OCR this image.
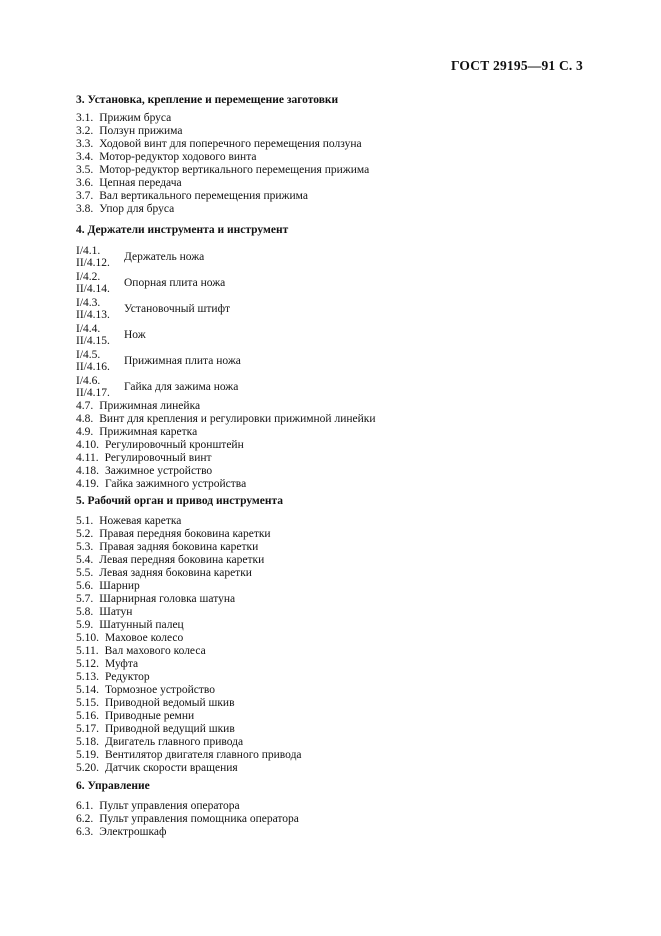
ГОСТ 29195—91 С. 3
3. Установка, крепление и перемещение заготовки
3.1. Прижим бруса
3.2. Ползун прижима
3.3. Ходовой винт для поперечного перемещения ползуна
3.4. Мотор-редуктор ходового винта
3.5. Мотор-редуктор вертикального перемещения прижима
3.6. Цепная передача
3.7. Вал вертикального перемещения прижима
3.8. Упор для бруса
4. Держатели инструмента и инструмент
I/4.1.
II/4.12.	Держатель ножа
I/4.2.
II/4.14.	Опорная плита ножа
I/4.3.
II/4.13.	Установочный штифт
I/4.4.
II/4.15.	Нож
I/4.5.
II/4.16.	Прижимная плита ножа
I/4.6.
II/4.17.	Гайка для зажима ножа
4.7. Прижимная линейка
4.8. Винт для крепления и регулировки прижимной линейки
4.9. Прижимная каретка
4.10. Регулировочный кронштейн
4.11. Регулировочный винт
4.18. Зажимное устройство
4.19. Гайка зажимного устройства
5. Рабочий орган и привод инструмента
5.1. Ножевая каретка
5.2. Правая передняя боковина каретки
5.3. Правая задняя боковина каретки
5.4. Левая передняя боковина каретки
5.5. Левая задняя боковина каретки
5.6. Шарнир
5.7. Шарнирная головка шатуна
5.8. Шатун
5.9. Шатунный палец
5.10. Маховое колесо
5.11. Вал махового колеса
5.12. Муфта
5.13. Редуктор
5.14. Тормозное устройство
5.15. Приводной ведомый шкив
5.16. Приводные ремни
5.17. Приводной ведущий шкив
5.18. Двигатель главного привода
5.19. Вентилятор двигателя главного привода
5.20. Датчик скорости вращения
6. Управление
6.1. Пульт управления оператора
6.2. Пульт управления помощника оператора
6.3. Электрошкаф
